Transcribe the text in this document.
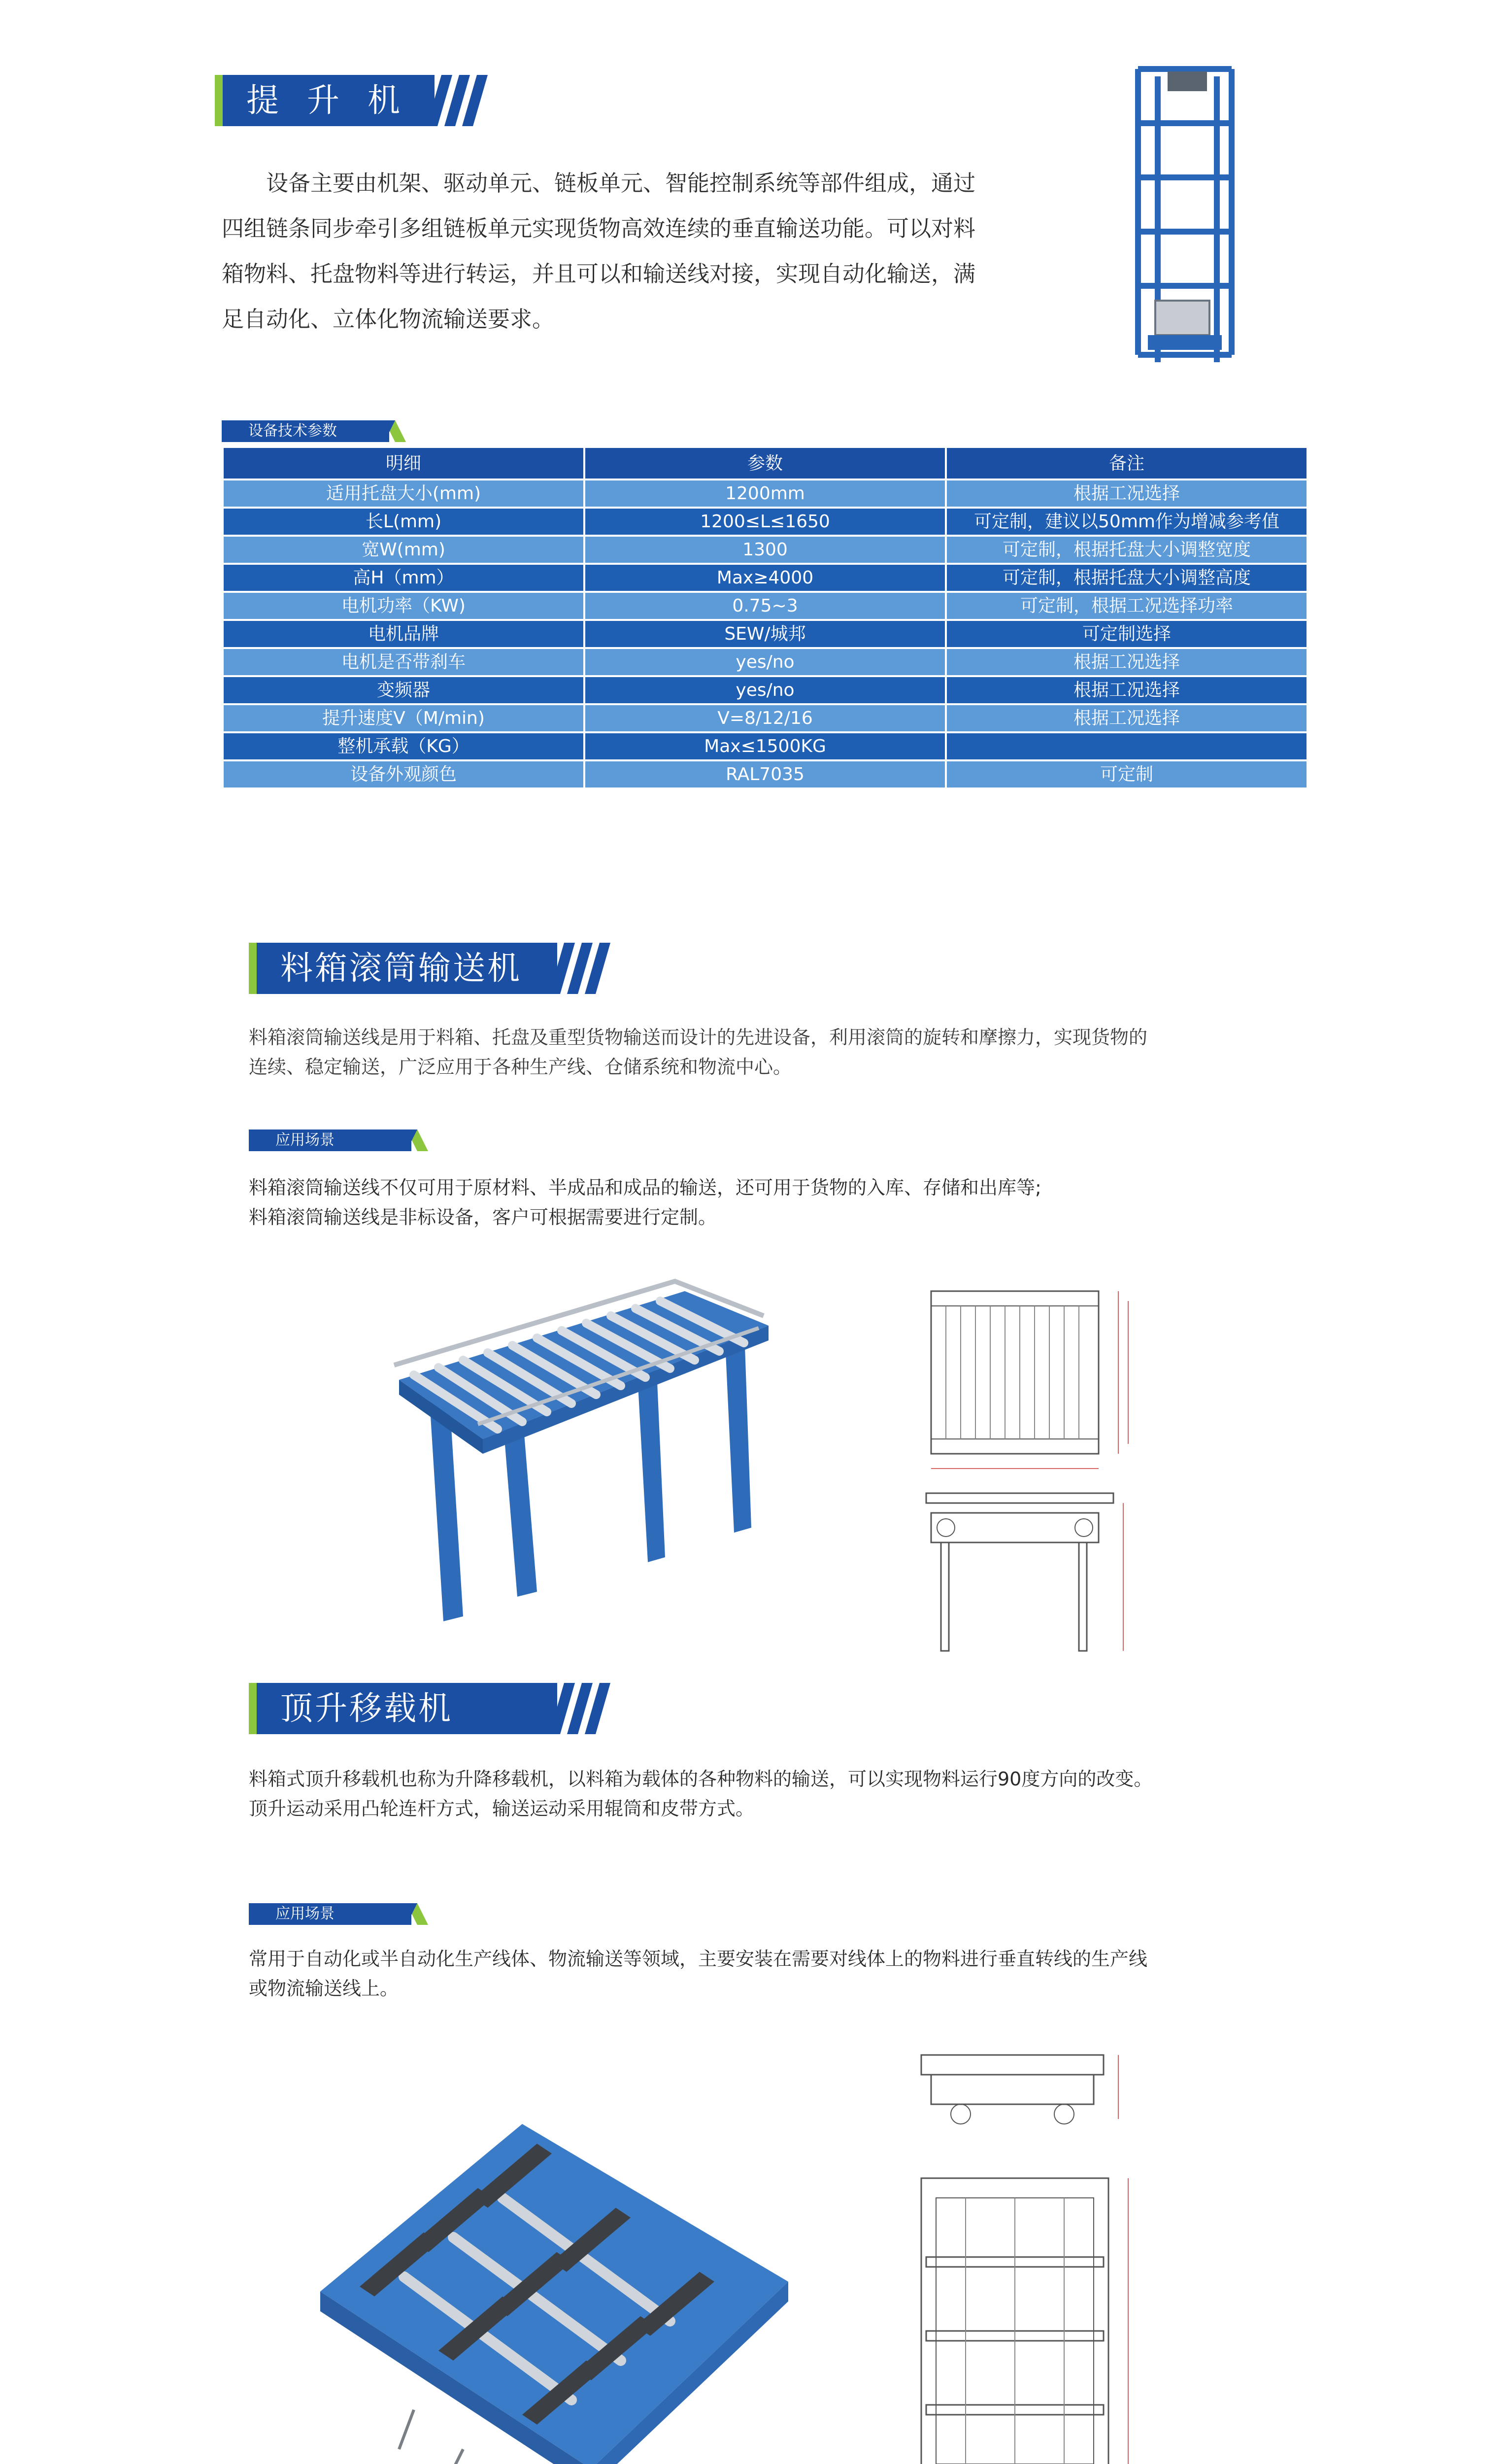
提 升 机
设备主要由机架、驱动单元、链板单元、智能控制系统等部件组成，通过
四组链条同步牵引多组链板单元实现货物高效连续的垂直输送功能。可以对料
箱物料、托盘物料等进行转运，并且可以和输送线对接，实现自动化输送，满
足自动化、立体化物流输送要求。
设备技术参数
明细	参数	备注
适用托盘大小(mm)	1200mm	根据工况选择
长L(mm)	1200≤L≤1650	可定制，建议以50mm作为增减参考值
宽W(mm)	1300	可定制，根据托盘大小调整宽度
高H（mm）	Max≥4000	可定制，根据托盘大小调整高度
电机功率（KW)	0.75~3	可定制，根据工况选择功率
电机品牌	SEW/城邦	可定制选择
电机是否带刹车	yes/no	根据工况选择
变频器	yes/no	根据工况选择
提升速度V（M/min)	V=8/12/16	根据工况选择
整机承载（KG）	Max≤1500KG	
设备外观颜色	RAL7035	可定制
料箱滚筒输送机
料箱滚筒输送线是用于料箱、托盘及重型货物输送而设计的先进设备，利用滚筒的旋转和摩擦力，实现货物的
连续、稳定输送，广泛应用于各种生产线、仓储系统和物流中心。
应用场景
料箱滚筒输送线不仅可用于原材料、半成品和成品的输送，还可用于货物的入库、存储和出库等;
料箱滚筒输送线是非标设备，客户可根据需要进行定制。
顶升移载机
料箱式顶升移载机也称为升降移载机，以料箱为载体的各种物料的输送，可以实现物料运行90度方向的改变。
顶升运动采用凸轮连杆方式，输送运动采用辊筒和皮带方式。
应用场景
常用于自动化或半自动化生产线体、物流输送等领域，主要安装在需要对线体上的物料进行垂直转线的生产线
或物流输送线上。
